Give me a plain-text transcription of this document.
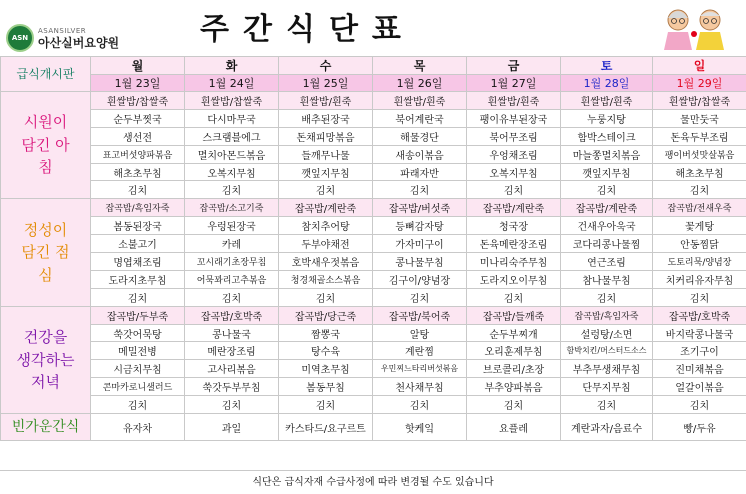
ASN
ASANSILVER
아산실버요양원	주간식단표
급식개시판	월	화	수	목	금	토	일
	1월 23일	1월 24일	1월 25일	1월 26일	1월 27일	1월 28일	1월 29일

시원이 담긴 아침	흰쌀밥/찹쌀죽	흰쌀밥/찹쌀죽	흰쌀밥/흰죽	흰쌀밥/흰죽	흰쌀밥/흰죽	흰쌀밥/흰죽	흰쌀밥/찹쌀죽
	순두부찟국	다시마무국	배추된장국	북어계란국	팽이유부된장국	누룽지탕	물만둣국
	생선전	스크램블에그	돈채피망볶음	해물경단	북어무조림	함박스테이크	돈육두부조림
	표고버섯양파볶음	멸치아몬드볶음	들깨무나물	새송이볶음	우엉채조림	마늘쫑멸치볶음	팽이버섯맛살볶음
	해초초무침	오복지무침	깻잎지무침	파래자반	오복지무침	깻잎지무침	해초초무침
	김치	김치	김치	김치	김치	김치	김치

정성이 담긴 점심	잡곡밥/흑임자죽	잡곡밥/소고기죽	잡곡밥/계란죽	잡곡밥/버섯죽	잡곡밥/계란죽	잡곡밥/계란죽	잡곡밥/전새우죽
	봄동된장국	우렁된장국	참치추어탕	등뼈감자탕	청국장	건새우아욱국	꽃게탕
	소불고기	카레	두부야채전	가자미구이	돈육메란장조림	코다리콩나물찜	안동찜닭
	명엽채조림	꼬시래기초장무침	호박새우젓볶음	콩나물무침	미나리숙주무침	연근조림	도토리묵/양념장
	도라지초무침	어묵꽈리고추볶음	청경채골소스볶음	김구이/양념장	도라지오이무침	참나물무침	치커리유자무침
	김치	김치	김치	김치	김치	김치	김치

건강을 생각하는 저녁	잡곡밥/두부죽	잡곡밥/호박죽	잡곡밥/당근죽	잡곡밥/북어죽	잡곡밥/들깨죽	잡곡밥/흑임자죽	잡곡밥/호박죽
	쑥갓어묵탕	콩나물국	짬뽕국	알탕	순두부찌개	설렁탕/소면	바지락콩나물국
	메밀전병	메란장조림	탕수육	계란찜	오리훈제무침	함박치킨/머스터드소스	조기구이
	시금치무침	고사리볶음	미역초무침	우민찌느타리버섯볶음	브로콜리/초장	부추무생채무침	진미채볶음
	콘마카로니샐러드	쑥갓두부무침	봄동무침	천사채무침	부추양파볶음	단무지무침	얼갈이볶음
	김치	김치	김치	김치	김치	김치	김치
빈가운간식	유자차	과일	카스타드/요구르트	핫케잌	요플레	계란과자/음료수	빵/두유
식단은 급식자재 수급사정에 따라 변경될 수도 있습니다
